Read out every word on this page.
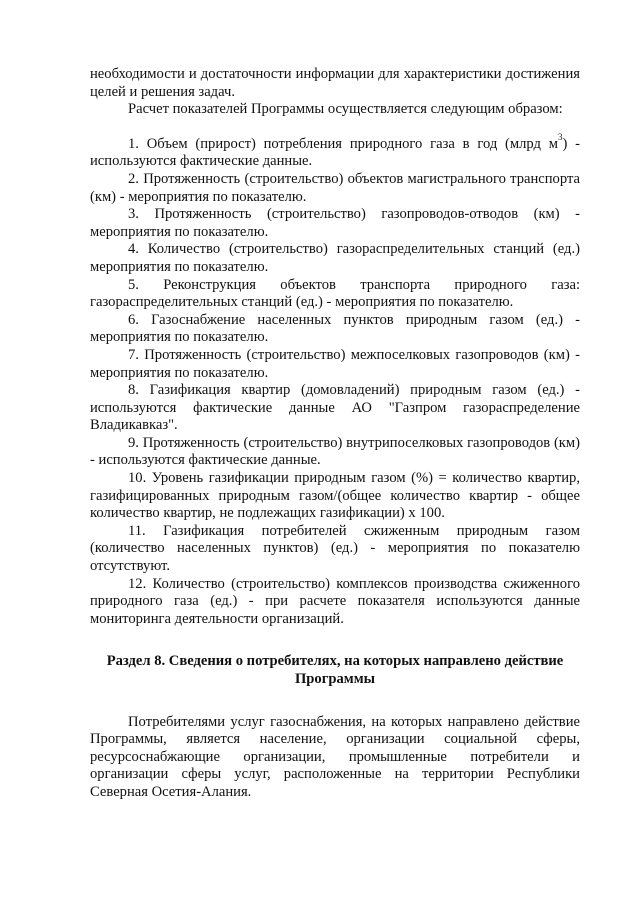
необходимости и достаточности информации для характеристики достижения целей и решения задач.

Расчет показателей Программы осуществляется следующим образом:

1. Объем (прирост) потребления природного газа в год (млрд $м^3$) - используются фактические данные.

2. Протяженность (строительство) объектов магистрального транспорта (км) - мероприятия по показателю.

3. Протяженность (строительство) газопроводов-отводов (км) - мероприятия по показателю.

4. Количество (строительство) газораспределительных станций (ед.) мероприятия по показателю.

5. Реконструкция объектов транспорта природного газа: газораспределительных станций (ед.) - мероприятия по показателю.

6. Газоснабжение населенных пунктов природным газом (ед.) - мероприятия по показателю.

7. Протяженность (строительство) межпоселковых газопроводов (км) - мероприятия по показателю.

8. Газификация квартир (домовладений) природным газом (ед.) - используются фактические данные АО "Газпром газораспределение Владикавказ".

9. Протяженность (строительство) внутрипоселковых газопроводов (км) - используются фактические данные.

10. Уровень газификации природным газом (%) = количество квартир, газифицированных природным газом/(общее количество квартир - общее количество квартир, не подлежащих газификации) x 100.

11. Газификация потребителей сжиженным природным газом (количество населенных пунктов) (ед.) - мероприятия по показателю отсутствуют.

12. Количество (строительство) комплексов производства сжиженного природного газа (ед.) - при расчете показателя используются данные мониторинга деятельности организаций.

Раздел 8. Сведения о потребителях, на которых направлено действие
Программы

Потребителями услуг газоснабжения, на которых направлено действие Программы, является население, организации социальной сферы, ресурсоснабжающие организации, промышленные потребители и организации сферы услуг, расположенные на территории Республики Северная Осетия-Алания.
